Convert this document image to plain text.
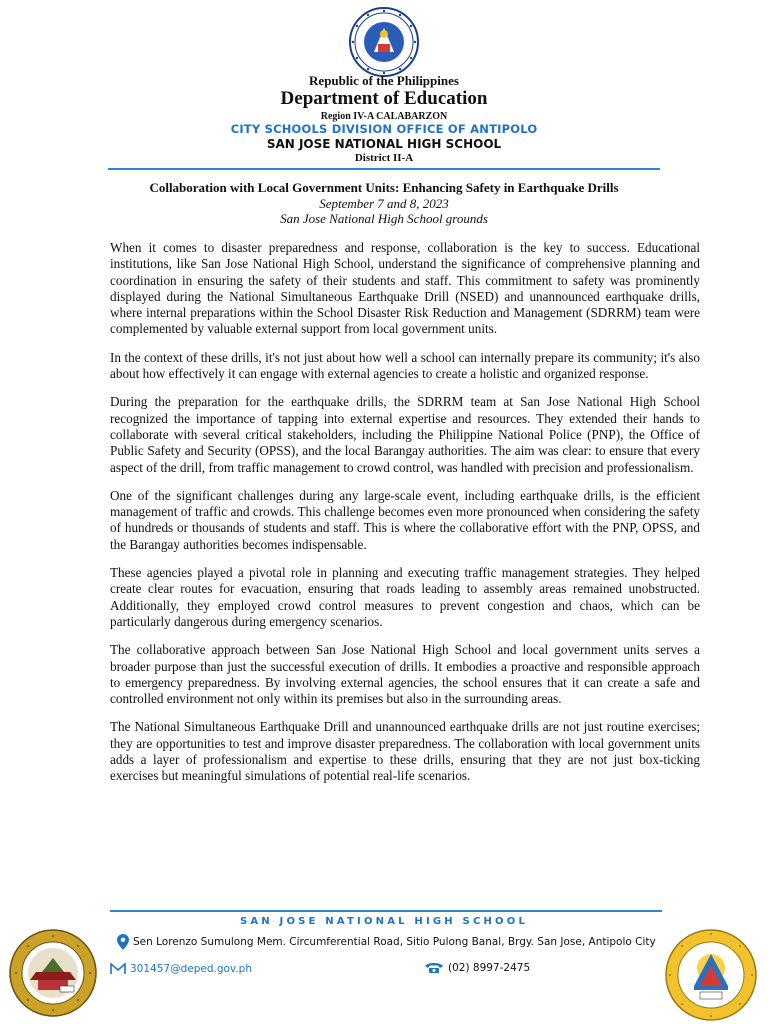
Republic of the Philippines
Department of Education
Region IV-A CALABARZON
CITY SCHOOLS DIVISION OFFICE OF ANTIPOLO
SAN JOSE NATIONAL HIGH SCHOOL
District II-A
Collaboration with Local Government Units: Enhancing Safety in Earthquake Drills
September 7 and 8, 2023
San Jose National High School grounds

When it comes to disaster preparedness and response, collaboration is the key to success. Educational institutions, like San Jose National High School, understand the significance of comprehensive planning and coordination in ensuring the safety of their students and staff. This commitment to safety was prominently displayed during the National Simultaneous Earthquake Drill (NSED) and unannounced earthquake drills, where internal preparations within the School Disaster Risk Reduction and Management (SDRRM) team were complemented by valuable external support from local government units.

In the context of these drills, it's not just about how well a school can internally prepare its community; it's also about how effectively it can engage with external agencies to create a holistic and organized response.

During the preparation for the earthquake drills, the SDRRM team at San Jose National High School recognized the importance of tapping into external expertise and resources. They extended their hands to collaborate with several critical stakeholders, including the Philippine National Police (PNP), the Office of Public Safety and Security (OPSS), and the local Barangay authorities. The aim was clear: to ensure that every aspect of the drill, from traffic management to crowd control, was handled with precision and professionalism.

One of the significant challenges during any large-scale event, including earthquake drills, is the efficient management of traffic and crowds. This challenge becomes even more pronounced when considering the safety of hundreds or thousands of students and staff. This is where the collaborative effort with the PNP, OPSS, and the Barangay authorities becomes indispensable.

These agencies played a pivotal role in planning and executing traffic management strategies. They helped create clear routes for evacuation, ensuring that roads leading to assembly areas remained unobstructed. Additionally, they employed crowd control measures to prevent congestion and chaos, which can be particularly dangerous during emergency scenarios.

The collaborative approach between San Jose National High School and local government units serves a broader purpose than just the successful execution of drills. It embodies a proactive and responsible approach to emergency preparedness. By involving external agencies, the school ensures that it can create a safe and controlled environment not only within its premises but also in the surrounding areas.

The National Simultaneous Earthquake Drill and unannounced earthquake drills are not just routine exercises; they are opportunities to test and improve disaster preparedness. The collaboration with local government units adds a layer of professionalism and expertise to these drills, ensuring that they are not just box-ticking exercises but meaningful simulations of potential real-life scenarios.

SAN JOSE NATIONAL HIGH SCHOOL
Sen Lorenzo Sumulong Mem. Circumferential Road, Sitio Pulong Banal, Brgy. San Jose, Antipolo City
301457@deped.gov.ph	(02) 8997-2475
